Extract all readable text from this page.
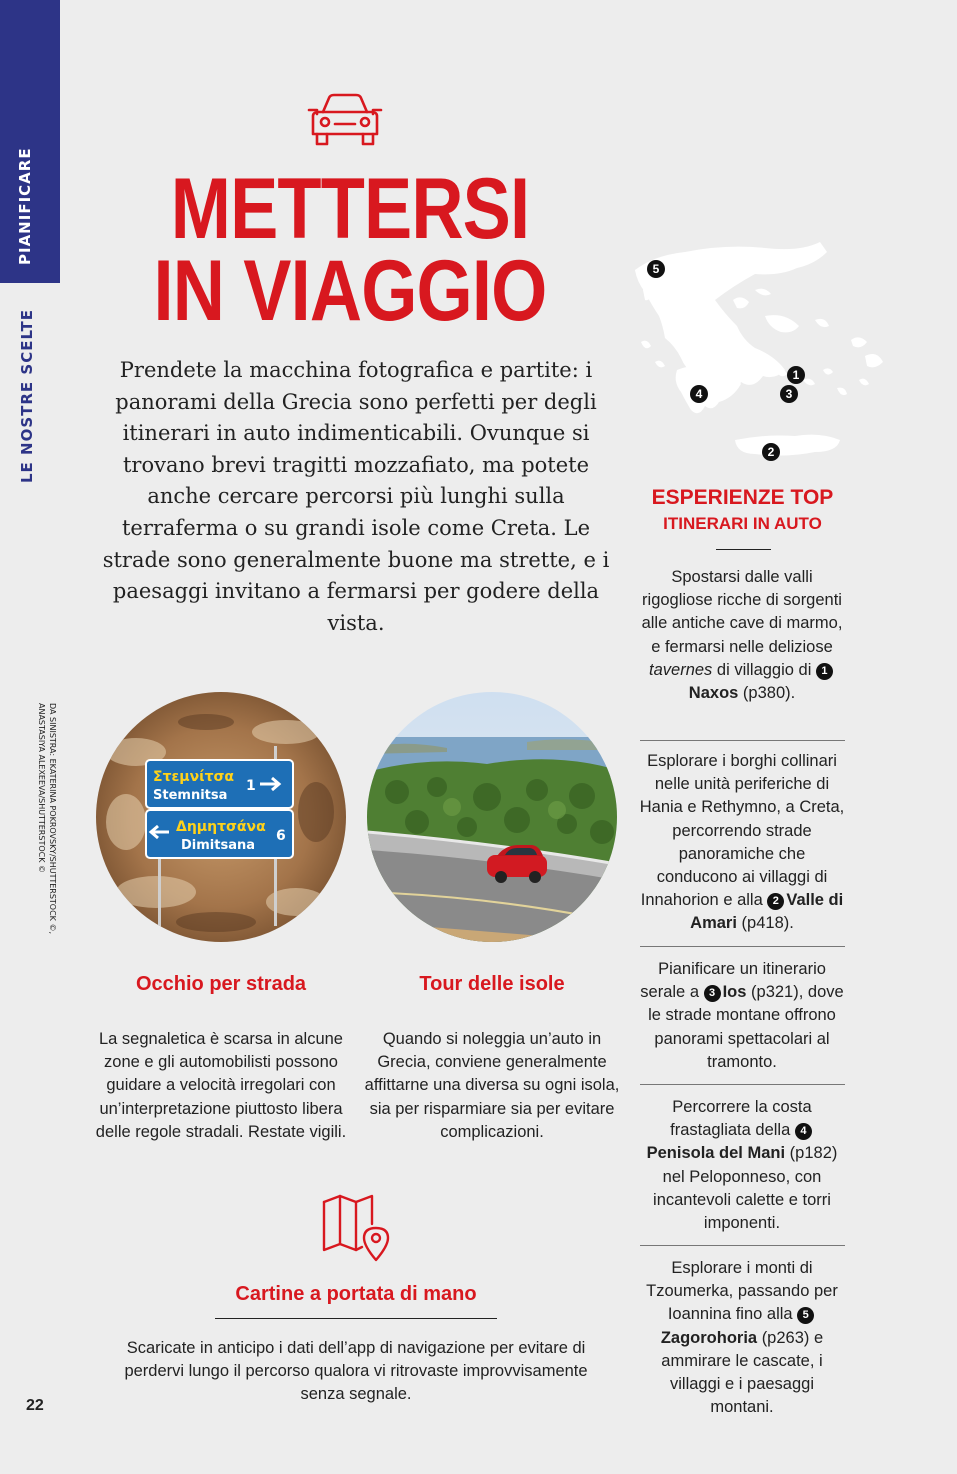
PIANIFICARE
LE NOSTRE SCELTE
DA SINISTRA: EKATERINA POKROVSKY/SHUTTERSTOCK ©,
ANASTASIYA ALEXEEVA/SHUTTERSTOCK ©
METTERSI
IN VIAGGIO
Prendete la macchina fotografica e partite: i panorami della Grecia sono perfetti per degli itinerari in auto indimenticabili. Ovunque si trovano brevi tragitti mozzafiato, ma potete anche cercare percorsi più lunghi sulla terraferma o su grandi isole come Creta. Le strade sono generalmente buone ma strette, e i paesaggi invitano a fermarsi per godere della vista.
Στεμνίτσα
Stemnitsa
1
Δημητσάνα
Dimitsana
6
Occhio per strada
La segnaletica è scarsa in alcune zone e gli automobilisti possono guidare a velocità irregolari con un’interpretazione piuttosto libera delle regole stradali. Restate vigili.
Tour delle isole
Quando si noleggia un’auto in Grecia, conviene generalmente affittarne una diversa su ogni isola, sia per risparmiare sia per evitare complicazioni.
Cartine a portata di mano
Scaricate in anticipo i dati dell’app di navigazione per evitare di perdervi lungo il percorso qualora vi ritrovaste improvvisamente senza segnale.
22
5
1
4	3
2
ESPERIENZE TOP
ITINERARI IN AUTO
Spostarsi dalle valli rigogliose ricche di sorgenti alle antiche cave di marmo, e fermarsi nelle deliziose tavernes di villaggio di 1Naxos (p380).
Esplorare i borghi collinari nelle unità periferiche di Hania e Rethymno, a Creta, percorrendo strade panoramiche che conducono ai villaggi di Innahorion e alla 2 Valle di Amari (p418).
Pianificare un itinerario serale a 3 Ios (p321), dove le strade montane offrono panorami spettacolari al tramonto.
Percorrere la costa frastagliata della 4Penisola del Mani (p182) nel Peloponneso, con incantevoli calette e torri imponenti.
Esplorare i monti di Tzoumerka, passando per Ioannina fino alla 5Zagorohoria (p263) e ammirare le cascate, i villaggi e i paesaggi montani.
